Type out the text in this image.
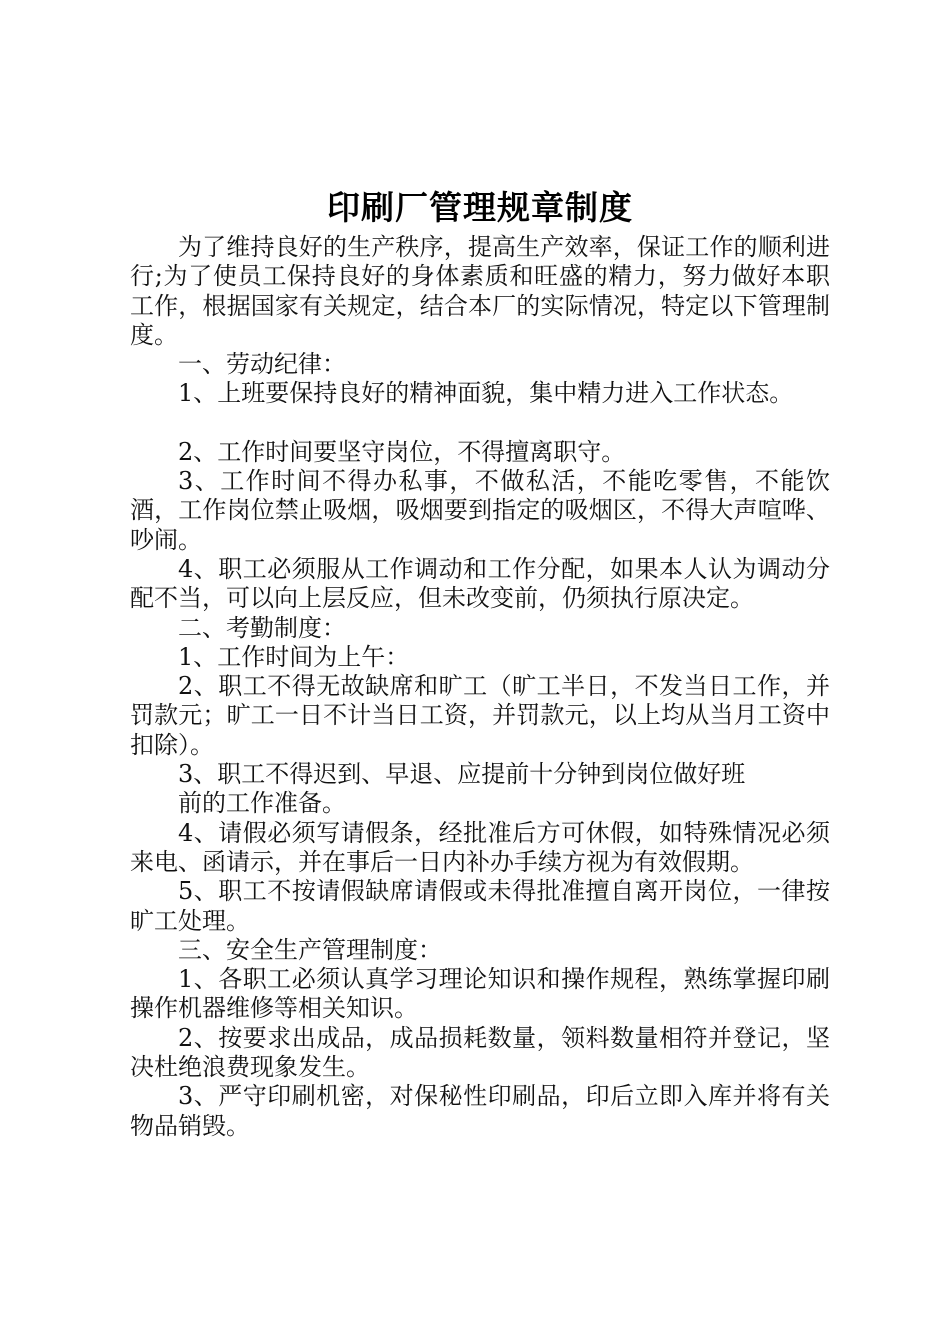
印刷厂管理规章制度

为了维持良好的生产秩序，提高生产效率，保证工作的顺利进行;为了使员工保持良好的身体素质和旺盛的精力，努力做好本职工作，根据国家有关规定，结合本厂的实际情况，特定以下管理制度。

一、劳动纪律：

1、上班要保持良好的精神面貌，集中精力进入工作状态。

2、工作时间要坚守岗位，不得擅离职守。

3、工作时间不得办私事，不做私活，不能吃零售，不能饮酒，工作岗位禁止吸烟，吸烟要到指定的吸烟区，不得大声喧哗、吵闹。

4、职工必须服从工作调动和工作分配，如果本人认为调动分配不当，可以向上层反应，但未改变前，仍须执行原决定。

二、考勤制度：

1、工作时间为上午：

2、职工不得无故缺席和旷工（旷工半日，不发当日工作，并罚款元；旷工一日不计当日工资，并罚款元，以上均从当月工资中扣除）。

3、职工不得迟到、早退、应提前十分钟到岗位做好班

前的工作准备。

4、请假必须写请假条，经批准后方可休假，如特殊情况必须来电、函请示，并在事后一日内补办手续方视为有效假期。

5、职工不按请假缺席请假或未得批准擅自离开岗位，一律按旷工处理。

三、安全生产管理制度：

1、各职工必须认真学习理论知识和操作规程，熟练掌握印刷操作机器维修等相关知识。

2、按要求出成品，成品损耗数量，领料数量相符并登记，坚决杜绝浪费现象发生。

3、严守印刷机密，对保秘性印刷品，印后立即入库并将有关物品销毁。
